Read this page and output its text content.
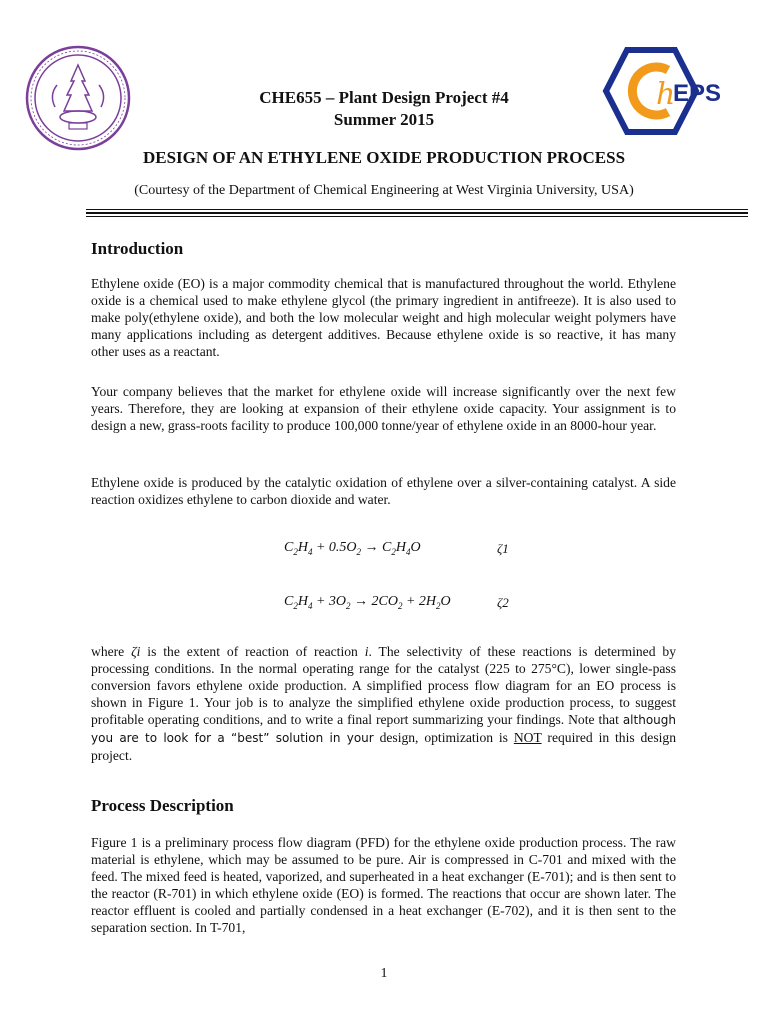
h
EPS
CHE655 – Plant Design Project #4
Summer 2015
DESIGN OF AN ETHYLENE OXIDE PRODUCTION PROCESS
(Courtesy of the Department of Chemical Engineering at West Virginia University, USA)
Introduction
Ethylene oxide (EO) is a major commodity chemical that is manufactured throughout the world. Ethylene oxide is a chemical used to make ethylene glycol (the primary ingredient in antifreeze). It is also used to make poly(ethylene oxide), and both the low molecular weight and high molecular weight polymers have many applications including as detergent additives. Because ethylene oxide is so reactive, it has many other uses as a reactant.
Your company believes that the market for ethylene oxide will increase significantly over the next few years. Therefore, they are looking at expansion of their ethylene oxide capacity. Your assignment is to design a new, grass-roots facility to produce 100,000 tonne/year of ethylene oxide in an 8000-hour year.
Ethylene oxide is produced by the catalytic oxidation of ethylene over a silver-containing catalyst. A side reaction oxidizes ethylene to carbon dioxide and water.
$C_2H_4 + 0.5O_2 \to C_2H_4O$	ζ1
$C_2H_4 + 3O_2 \to 2CO_2 + 2H_2O$	ζ2
where ζi is the extent of reaction of reaction i. The selectivity of these reactions is determined by processing conditions. In the normal operating range for the catalyst (225 to 275°C), lower single-pass conversion favors ethylene oxide production. A simplified process flow diagram for an EO process is shown in Figure 1. Your job is to analyze the simplified ethylene oxide production process, to suggest profitable operating conditions, and to write a final report summarizing your findings. Note that although you are to look for a “best” solution in your design, optimization is NOT required in this design project.
Process Description
Figure 1 is a preliminary process flow diagram (PFD) for the ethylene oxide production process. The raw material is ethylene, which may be assumed to be pure. Air is compressed in C-701 and mixed with the feed. The mixed feed is heated, vaporized, and superheated in a heat exchanger (E-701); and is then sent to the reactor (R-701) in which ethylene oxide (EO) is formed. The reactions that occur are shown later. The reactor effluent is cooled and partially condensed in a heat exchanger (E-702), and it is then sent to the separation section. In T-701,
1
